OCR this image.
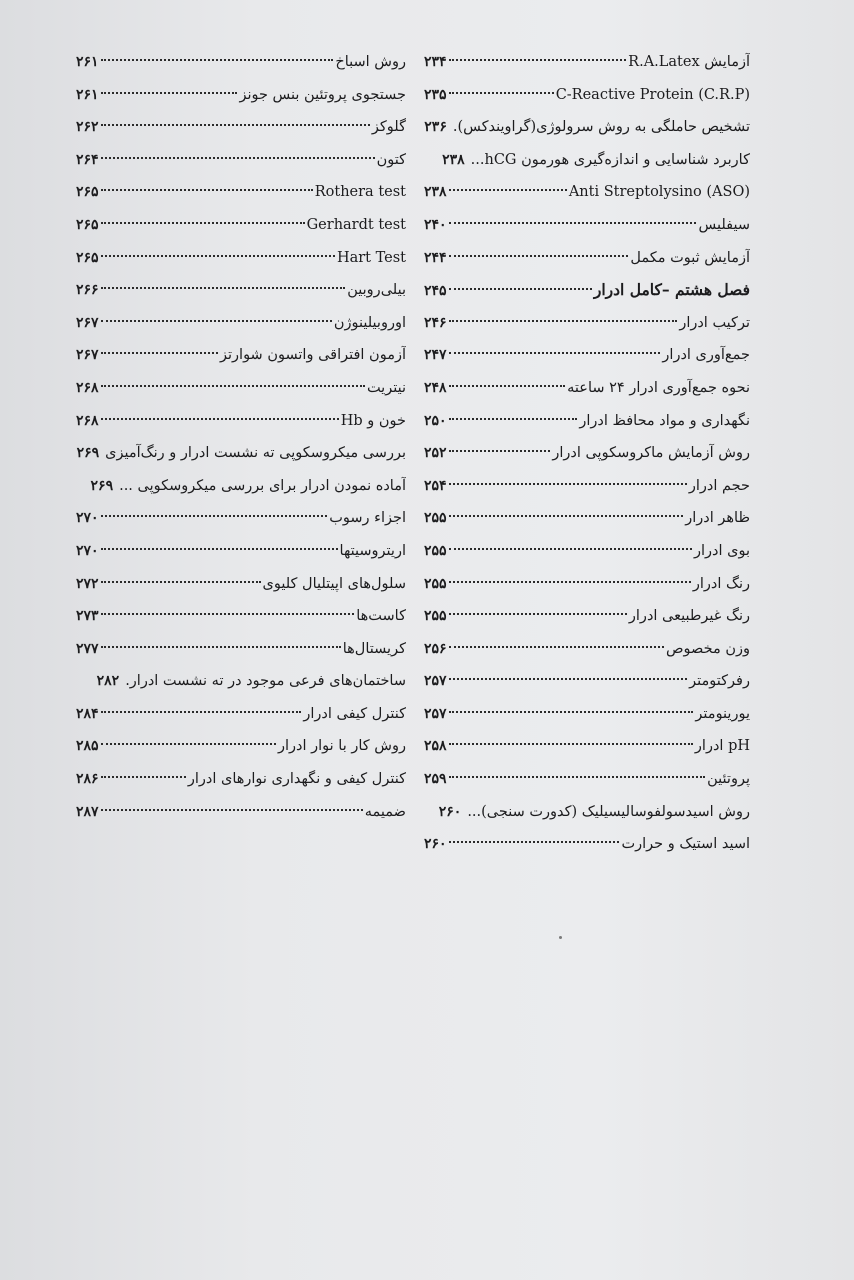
آزمایش R.A.Latex
۲۳۴
C-Reactive Protein (C.R.P)
۲۳۵
تشخیص حاملگی به روش سرولوژی(گراویندکس).
۲۳۶
کاربرد شناسایی و اندازه‌گیری هورمون hCG...
۲۳۸
Anti Streptolysino (ASO)
۲۳۸
سیفلیس
۲۴۰
آزمایش ثبوت مکمل
۲۴۴
فصل هشتم –کامل ادرار
۲۴۵
ترکیب ادرار
۲۴۶
جمع‌آوری ادرار
۲۴۷
نحوه جمع‌آوری ادرار ۲۴ ساعته
۲۴۸
نگهداری و مواد محافظ ادرار
۲۵۰
روش آزمایش ماکروسکوپی ادرار
۲۵۲
حجم ادرار
۲۵۴
ظاهر ادرار
۲۵۵
بوی ادرار
۲۵۵
رنگ ادرار
۲۵۵
رنگ غیرطبیعی ادرار
۲۵۵
وزن مخصوص
۲۵۶
رفرکتومتر
۲۵۷
یورینومتر
۲۵۷
pH ادرار
۲۵۸
پروتئین
۲۵۹
روش اسیدسولفوسالیسیلیک (کدورت سنجی)...
۲۶۰
اسید استیک و حرارت
۲۶۰
روش اسباخ
۲۶۱
جستجوی پروتئین بنس جونز
۲۶۱
گلوکز
۲۶۲
کتون
۲۶۴
Rothera test
۲۶۵
Gerhardt test
۲۶۵
Hart Test
۲۶۵
بیلی‌روبین
۲۶۶
اوروبیلینوژن
۲۶۷
آزمون افتراقی واتسون شوارتز
۲۶۷
نیتریت
۲۶۸
خون و Hb
۲۶۸
بررسی میکروسکوپی ته نشست ادرار و رنگ‌آمیزی
۲۶۹
آماده نمودن ادرار برای بررسی میکروسکوپی ...
۲۶۹
اجزاء رسوب
۲۷۰
اریتروسیتها
۲۷۰
سلول‌های اپیتلیال کلیوی
۲۷۲
کاست‌ها
۲۷۳
کریستال‌ها
۲۷۷
ساختمان‌های فرعی موجود در ته نشست ادرار.
۲۸۲
کنترل کیفی ادرار
۲۸۴
روش کار با نوار ادرار
۲۸۵
کنترل کیفی و نگهداری نوارهای ادرار
۲۸۶
ضمیمه
۲۸۷
